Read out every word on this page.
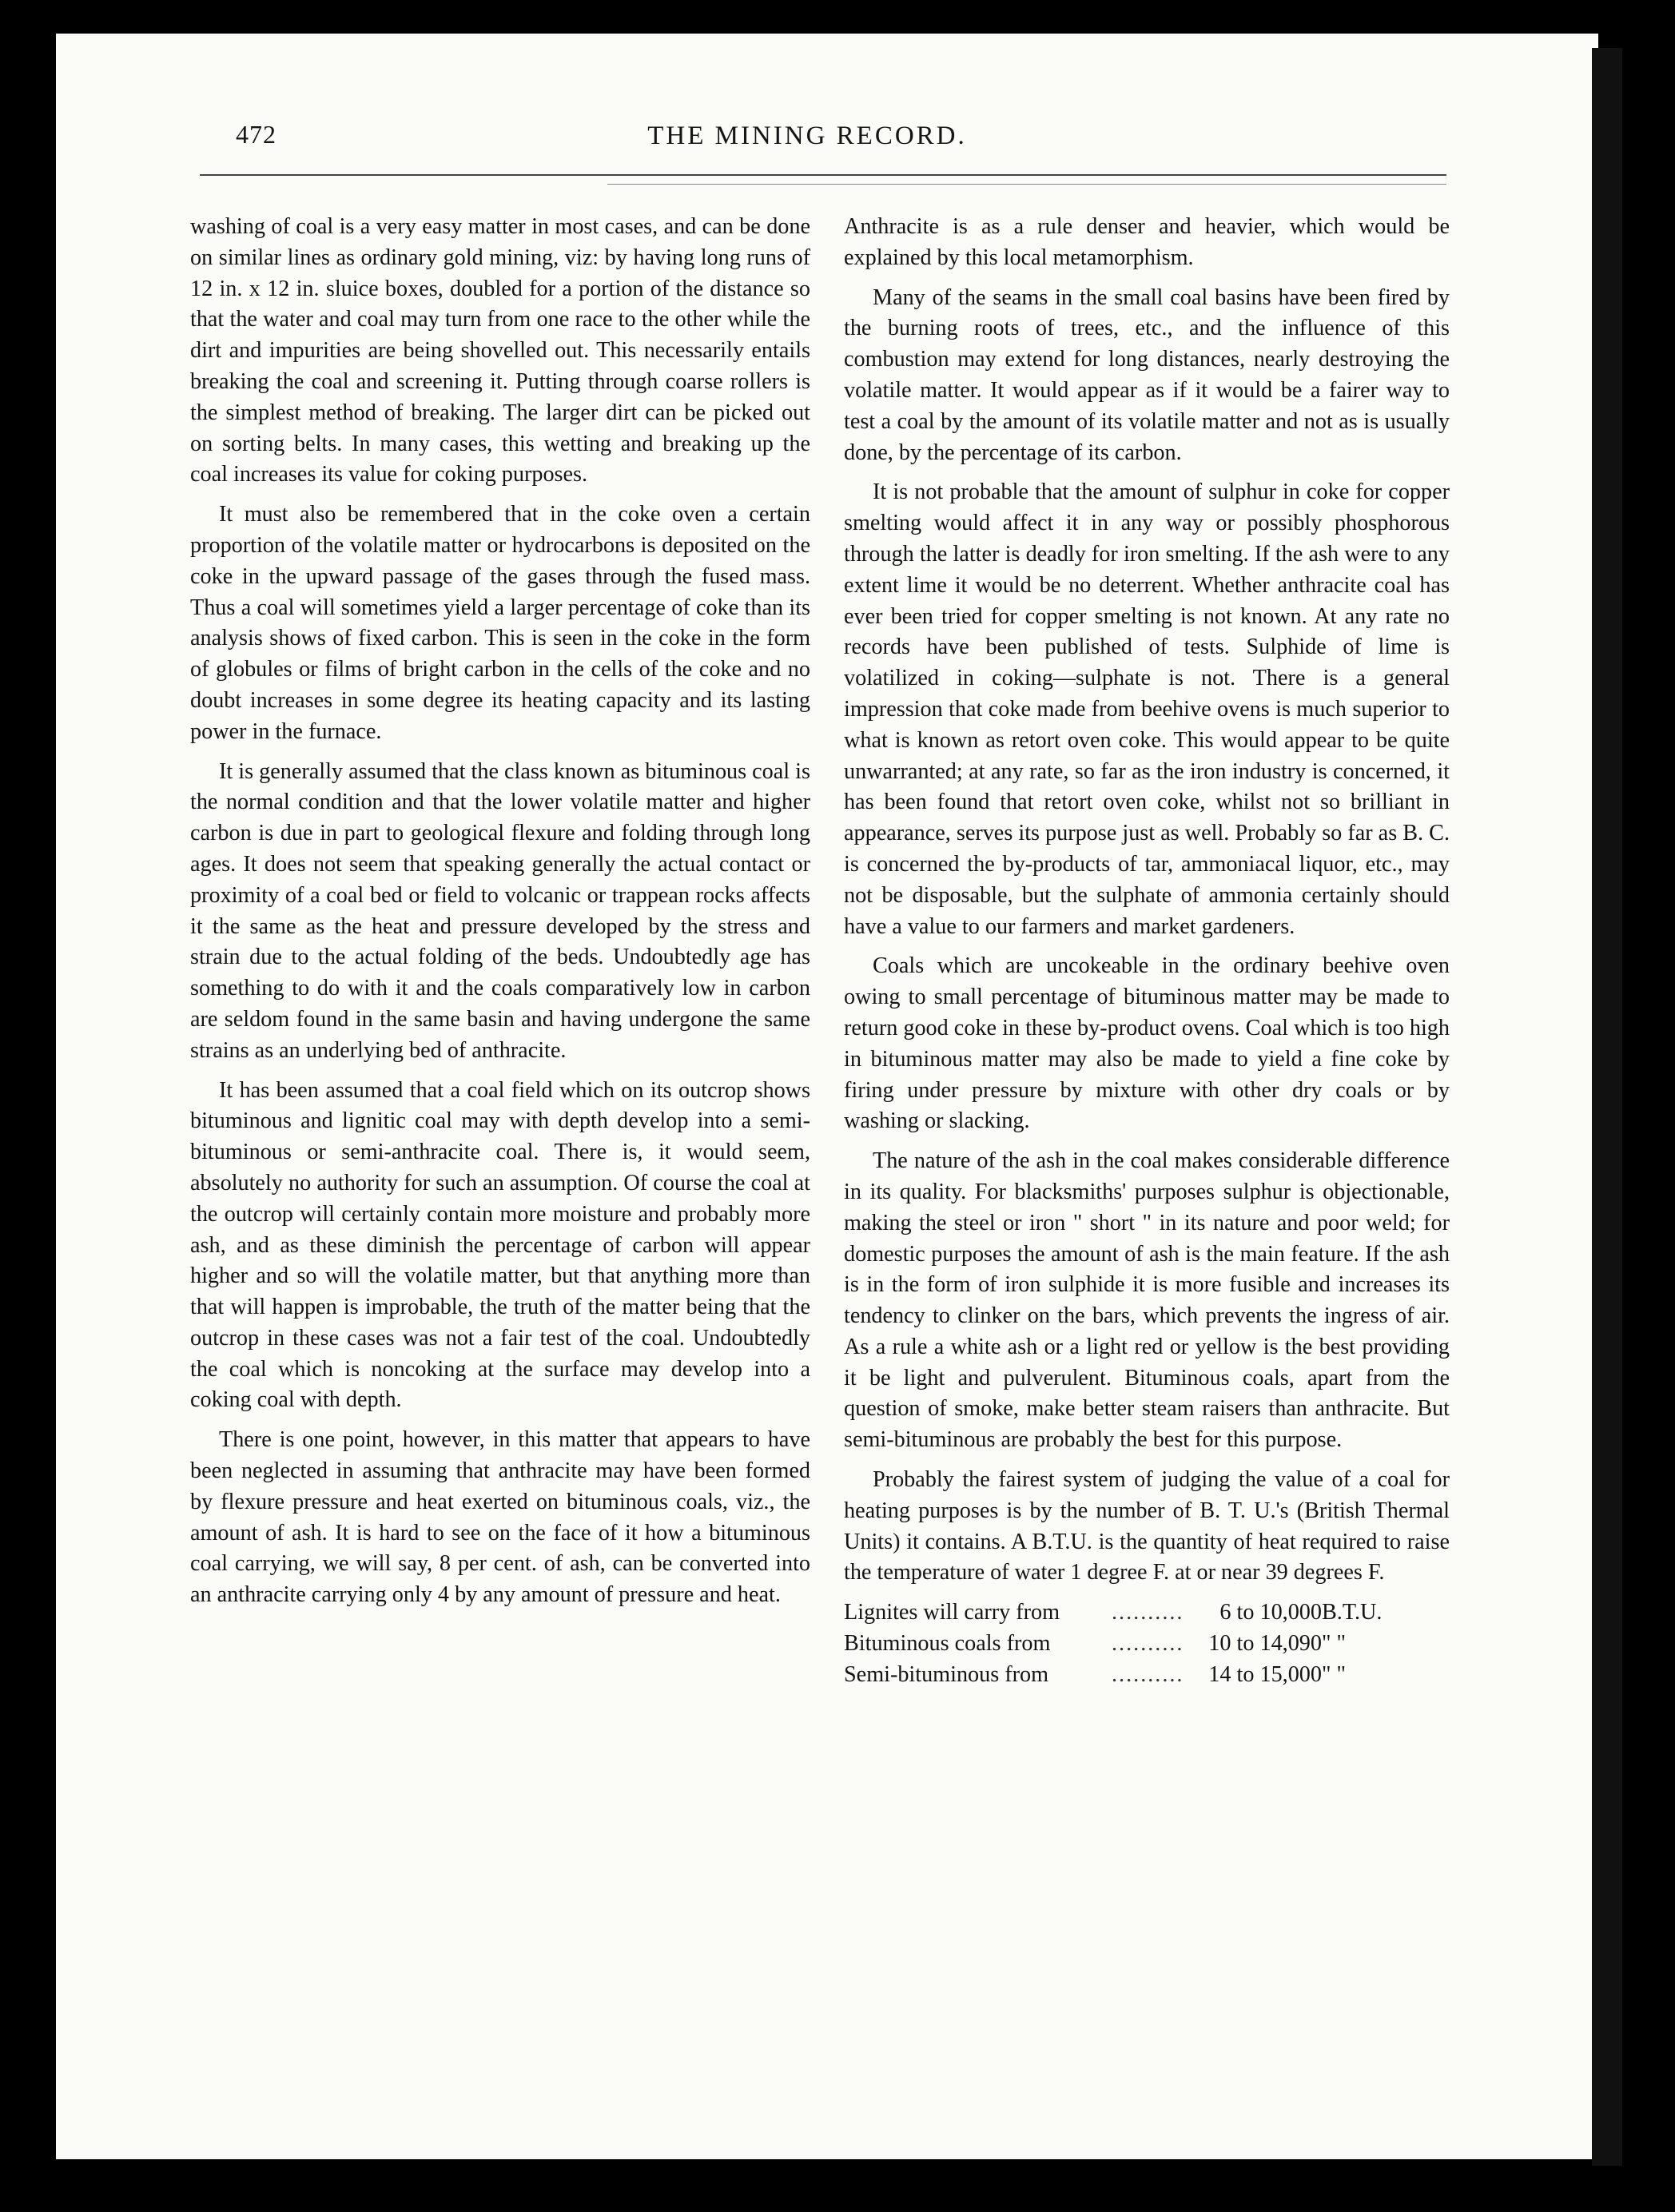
472	THE MINING RECORD.

washing of coal is a very easy matter in most cases, and can be done on similar lines as ordinary gold mining, viz: by having long runs of 12 in. x 12 in. sluice boxes, doubled for a portion of the distance so that the water and coal may turn from one race to the other while the dirt and impurities are being shovelled out. This necessarily entails breaking the coal and screening it. Putting through coarse rollers is the simplest method of breaking. The larger dirt can be picked out on sorting belts. In many cases, this wetting and breaking up the coal increases its value for coking purposes.

It must also be remembered that in the coke oven a certain proportion of the volatile matter or hydrocarbons is deposited on the coke in the upward passage of the gases through the fused mass. Thus a coal will sometimes yield a larger percentage of coke than its analysis shows of fixed carbon. This is seen in the coke in the form of globules or films of bright carbon in the cells of the coke and no doubt increases in some degree its heating capacity and its lasting power in the furnace.

It is generally assumed that the class known as bituminous coal is the normal condition and that the lower volatile matter and higher carbon is due in part to geological flexure and folding through long ages. It does not seem that speaking generally the actual contact or proximity of a coal bed or field to volcanic or trappean rocks affects it the same as the heat and pressure developed by the stress and strain due to the actual folding of the beds. Undoubtedly age has something to do with it and the coals comparatively low in carbon are seldom found in the same basin and having undergone the same strains as an underlying bed of anthracite.

It has been assumed that a coal field which on its outcrop shows bituminous and lignitic coal may with depth develop into a semi-bituminous or semi-anthracite coal. There is, it would seem, absolutely no authority for such an assumption. Of course the coal at the outcrop will certainly contain more moisture and probably more ash, and as these diminish the percentage of carbon will appear higher and so will the volatile matter, but that anything more than that will happen is improbable, the truth of the matter being that the outcrop in these cases was not a fair test of the coal. Undoubtedly the coal which is noncoking at the surface may develop into a coking coal with depth.

There is one point, however, in this matter that appears to have been neglected in assuming that anthracite may have been formed by flexure pressure and heat exerted on bituminous coals, viz., the amount of ash. It is hard to see on the face of it how a bituminous coal carrying, we will say, 8 per cent. of ash, can be converted into an anthracite carrying only 4 by any amount of pressure and heat.

Anthracite is as a rule denser and heavier, which would be explained by this local metamorphism.

Many of the seams in the small coal basins have been fired by the burning roots of trees, etc., and the influence of this combustion may extend for long distances, nearly destroying the volatile matter. It would appear as if it would be a fairer way to test a coal by the amount of its volatile matter and not as is usually done, by the percentage of its carbon.

It is not probable that the amount of sulphur in coke for copper smelting would affect it in any way or possibly phosphorous through the latter is deadly for iron smelting. If the ash were to any extent lime it would be no deterrent. Whether anthracite coal has ever been tried for copper smelting is not known. At any rate no records have been published of tests. Sulphide of lime is volatilized in coking—sulphate is not. There is a general impression that coke made from beehive ovens is much superior to what is known as retort oven coke. This would appear to be quite unwarranted; at any rate, so far as the iron industry is concerned, it has been found that retort oven coke, whilst not so brilliant in appearance, serves its purpose just as well. Probably so far as B. C. is concerned the by-products of tar, ammoniacal liquor, etc., may not be disposable, but the sulphate of ammonia certainly should have a value to our farmers and market gardeners.

Coals which are uncokeable in the ordinary beehive oven owing to small percentage of bituminous matter may be made to return good coke in these by-product ovens. Coal which is too high in bituminous matter may also be made to yield a fine coke by firing under pressure by mixture with other dry coals or by washing or slacking.

The nature of the ash in the coal makes considerable difference in its quality. For blacksmiths' purposes sulphur is objectionable, making the steel or iron " short " in its nature and poor weld; for domestic purposes the amount of ash is the main feature. If the ash is in the form of iron sulphide it is more fusible and increases its tendency to clinker on the bars, which prevents the ingress of air. As a rule a white ash or a light red or yellow is the best providing it be light and pulverulent. Bituminous coals, apart from the question of smoke, make better steam raisers than anthracite. But semi-bituminous are probably the best for this purpose.

Probably the fairest system of judging the value of a coal for heating purposes is by the number of B. T. U.'s (British Thermal Units) it contains. A B.T.U. is the quantity of heat required to raise the temperature of water 1 degree F. at or near 39 degrees F.

Lignites will carry from	..........	6 to 10,000	B.T.U.
Bituminous coals from	..........	10 to 14,090	" "
Semi-bituminous from	..........	14 to 15,000	" "
